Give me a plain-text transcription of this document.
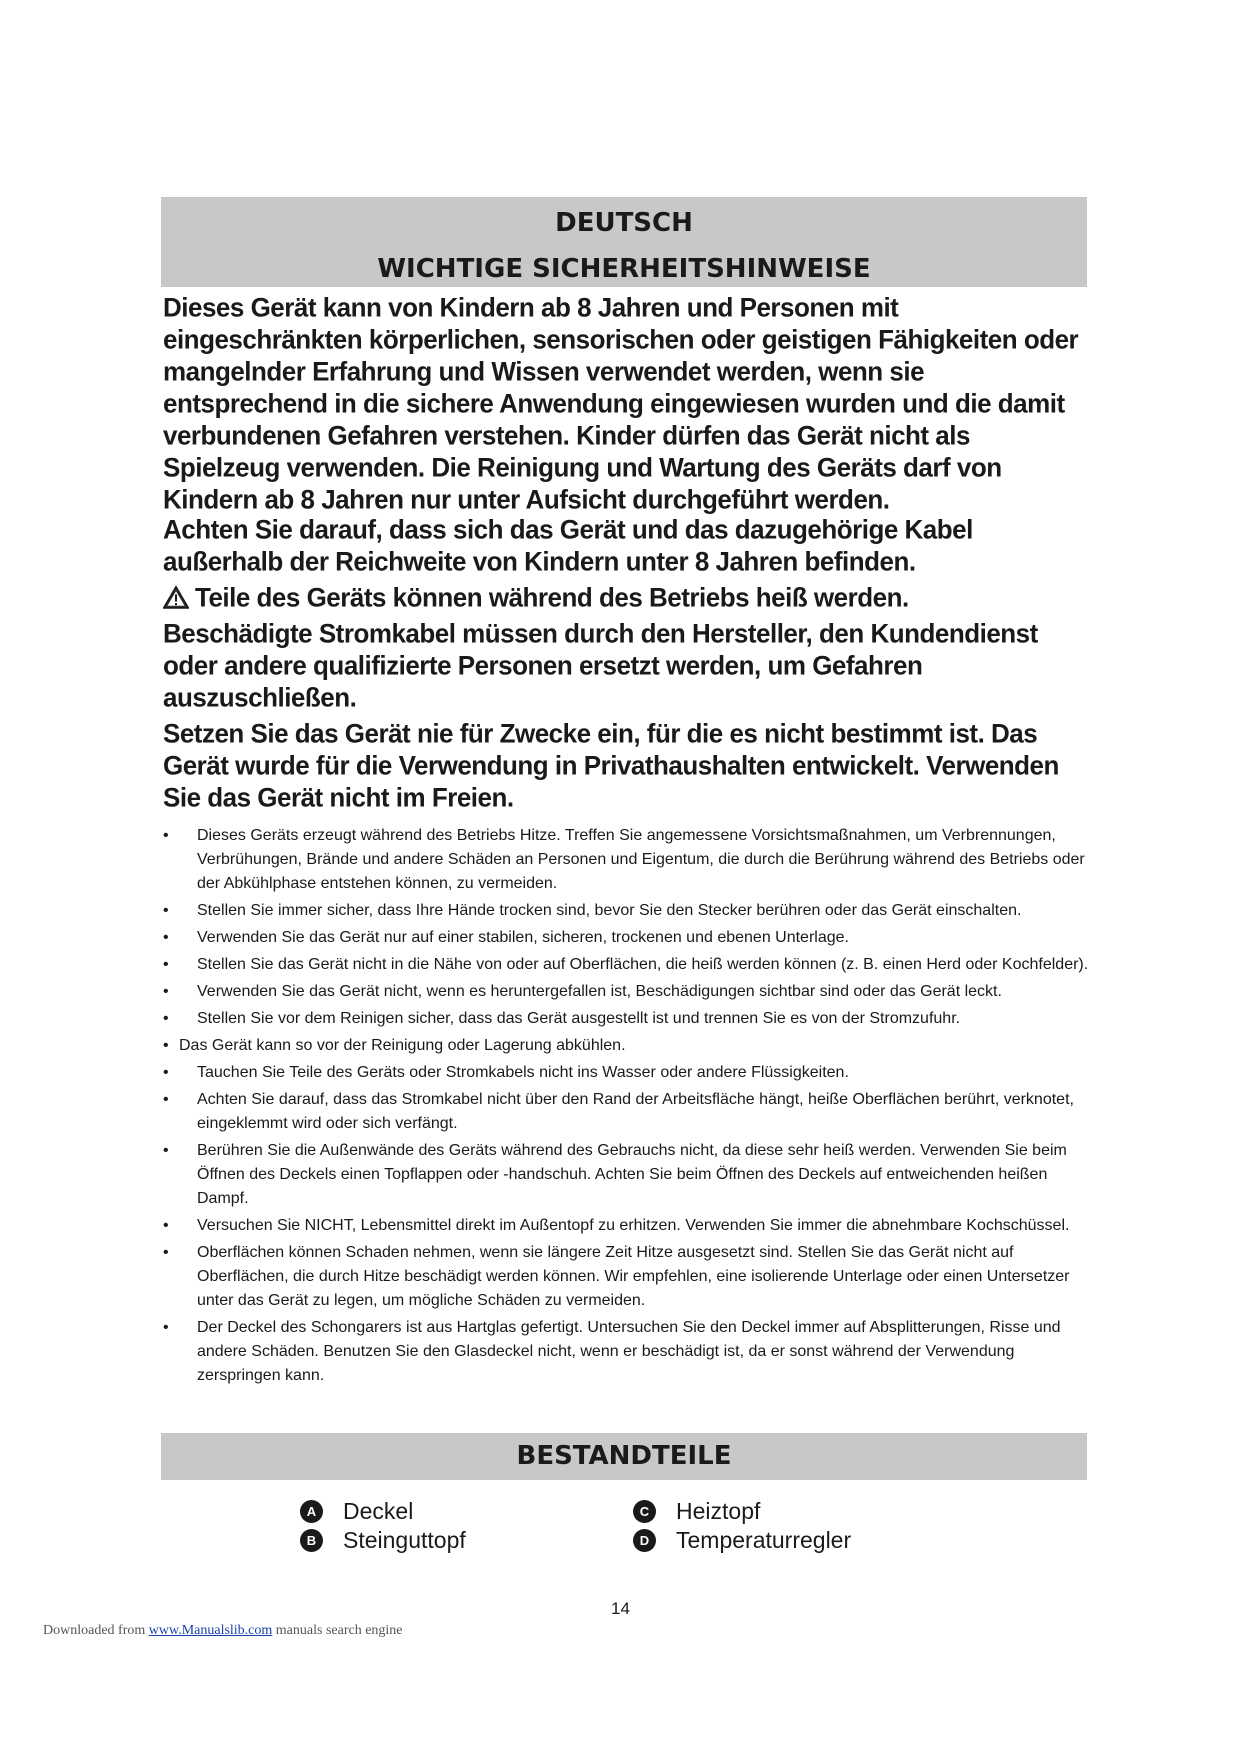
DEUTSCH
WICHTIGE SICHERHEITSHINWEISE

Dieses Gerät kann von Kindern ab 8 Jahren und Personen mit eingeschränkten körperlichen, sensorischen oder geistigen Fähigkeiten oder mangelnder Erfahrung und Wissen verwendet werden, wenn sie entsprechend in die sichere Anwendung eingewiesen wurden und die damit verbundenen Gefahren verstehen. Kinder dürfen das Gerät nicht als Spielzeug verwenden. Die Reinigung und Wartung des Geräts darf von Kindern ab 8 Jahren nur unter Aufsicht durchgeführt werden.

Achten Sie darauf, dass sich das Gerät und das dazugehörige Kabel außerhalb der Reichweite von Kindern unter 8 Jahren befinden.

Teile des Geräts können während des Betriebs heiß werden.

Beschädigte Stromkabel müssen durch den Hersteller, den Kundendienst oder andere qualifizierte Personen ersetzt werden, um Gefahren auszuschließen.

Setzen Sie das Gerät nie für Zwecke ein, für die es nicht bestimmt ist. Das Gerät wurde für die Verwendung in Privathaushalten entwickelt. Verwenden Sie das Gerät nicht im Freien.

• Dieses Geräts erzeugt während des Betriebs Hitze. Treffen Sie angemessene Vorsichtsmaßnahmen, um Verbrennungen, Verbrühungen, Brände und andere Schäden an Personen und Eigentum, die durch die Berührung während des Betriebs oder der Abkühlphase entstehen können, zu vermeiden.
• Stellen Sie immer sicher, dass Ihre Hände trocken sind, bevor Sie den Stecker berühren oder das Gerät einschalten.
• Verwenden Sie das Gerät nur auf einer stabilen, sicheren, trockenen und ebenen Unterlage.
• Stellen Sie das Gerät nicht in die Nähe von oder auf Oberflächen, die heiß werden können (z. B. einen Herd oder Kochfelder).
• Verwenden Sie das Gerät nicht, wenn es heruntergefallen ist, Beschädigungen sichtbar sind oder das Gerät leckt.
• Stellen Sie vor dem Reinigen sicher, dass das Gerät ausgestellt ist und trennen Sie es von der Stromzufuhr.
• Das Gerät kann so vor der Reinigung oder Lagerung abkühlen.
• Tauchen Sie Teile des Geräts oder Stromkabels nicht ins Wasser oder andere Flüssigkeiten.
• Achten Sie darauf, dass das Stromkabel nicht über den Rand der Arbeitsfläche hängt, heiße Oberflächen berührt, verknotet, eingeklemmt wird oder sich verfängt.
• Berühren Sie die Außenwände des Geräts während des Gebrauchs nicht, da diese sehr heiß werden. Verwenden Sie beim Öffnen des Deckels einen Topflappen oder -handschuh. Achten Sie beim Öffnen des Deckels auf entweichenden heißen Dampf.
• Versuchen Sie NICHT, Lebensmittel direkt im Außentopf zu erhitzen. Verwenden Sie immer die abnehmbare Kochschüssel.
• Oberflächen können Schaden nehmen, wenn sie längere Zeit Hitze ausgesetzt sind. Stellen Sie das Gerät nicht auf Oberflächen, die durch Hitze beschädigt werden können. Wir empfehlen, eine isolierende Unterlage oder einen Untersetzer unter das Gerät zu legen, um mögliche Schäden zu vermeiden.
• Der Deckel des Schongarers ist aus Hartglas gefertigt. Untersuchen Sie den Deckel immer auf Absplitterungen, Risse und andere Schäden. Benutzen Sie den Glasdeckel nicht, wenn er beschädigt ist, da er sonst während der Verwendung zerspringen kann.
BESTANDTEILE
A Deckel
B Steinguttopf
C Heiztopf
D Temperaturregler
14
Downloaded from www.Manualslib.com manuals search engine
